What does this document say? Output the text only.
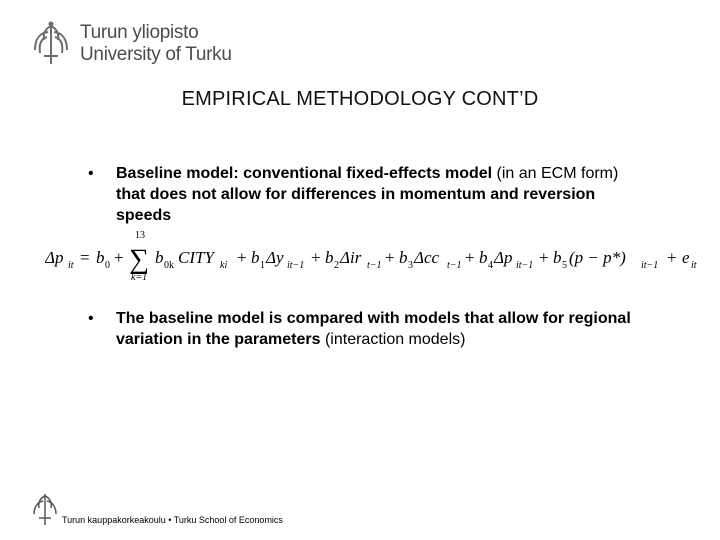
Turun yliopisto
University of Turku
EMPIRICAL METHODOLOGY CONT’D
• Baseline model: conventional fixed-effects model (in an ECM form) that does not allow for differences in momentum and reversion speeds
Δp it = b 0 +
13
∑
k=1
b 0k CITY ki + b 1 Δy it−1 + b 2 Δir t−1 + b 3 Δcc t−1 + b 4 Δp it−1 + b 5 (p − p*) it−1 + e it
• The baseline model is compared with models that allow for regional variation in the parameters (interaction models)
Turun kauppakorkeakoulu • Turku School of Economics
